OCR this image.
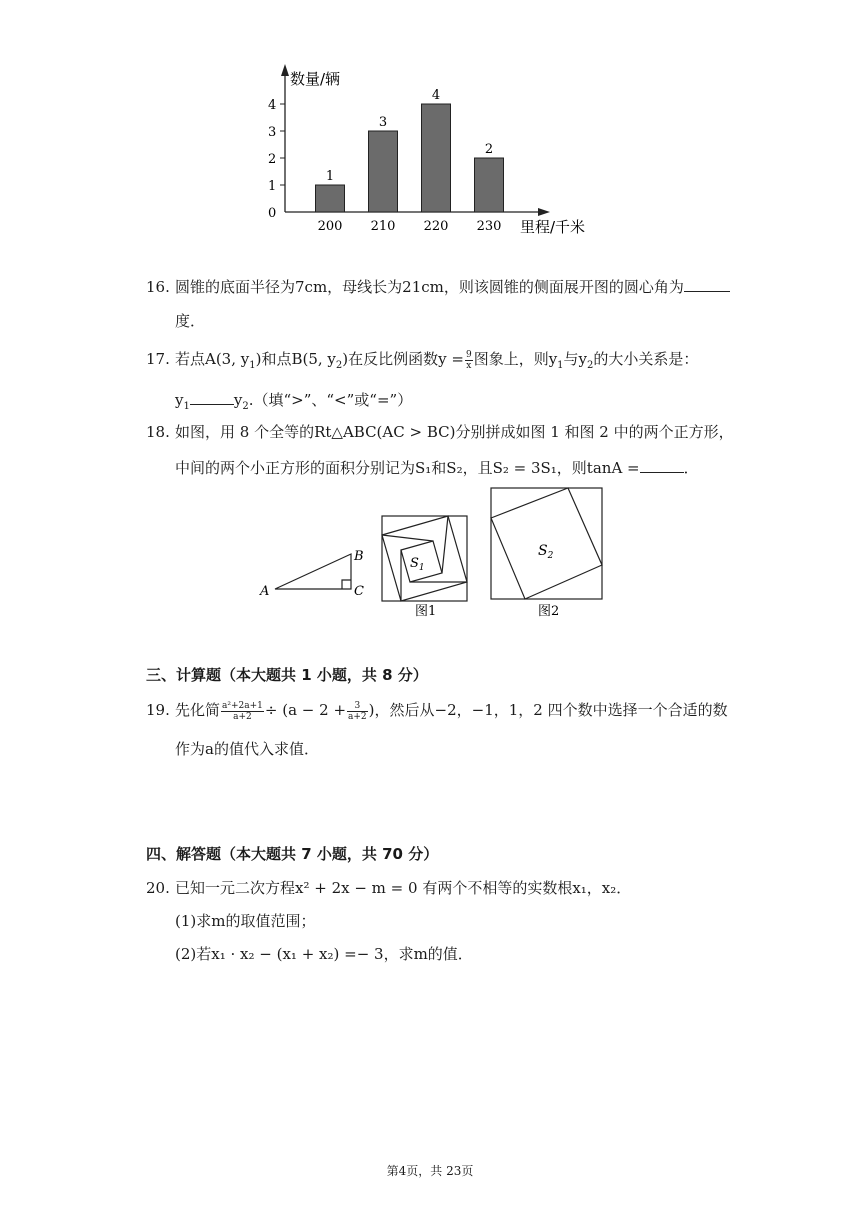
0
1
2
3
4
数量/辆
里程/千米
1
200
3
210
4
220
2
230
16. 圆锥的底面半径为7cm，母线长为21cm，则该圆锥的侧面展开图的圆心角为
度．
17. 若点A(3, $y_1$)和点B(5, $y_2$)在反比例函数$y = \frac{9}{x}$ 图象上，则$y_1$与$y_2$的大小关系是：
$y_1$	$y_2$.（填“>”、“<”或“=”）
18. 如图，用 8 个全等的Rt△ABC(AC > BC)分别拼成如图 1 和图 2 中的两个正方形，
中间的两个小正方形的面积分别记为S₁和S₂，且S₂ = 3S₁，则tanA =	．
A
B
C
$S_1$
图1
$S_2$
图2
三、计算题（本大题共 1 小题，共 8 分）
19. 先化简 $\frac{\text{a²+2a+1}}{a+2} \div (a - 2 + \frac{3}{a+2}$ )，然后从−2，−1，1，2 四个数中选择一个合适的数
作为a的值代入求值．
四、解答题（本大题共 7 小题，共 70 分）
20. 已知一元二次方程x² + 2x − m = 0 有两个不相等的实数根x₁，x₂．
(1)求m的取值范围；
(2)若x₁ · x₂ − (x₁ + x₂) =− 3，求m的值．
第4页，共 23页
